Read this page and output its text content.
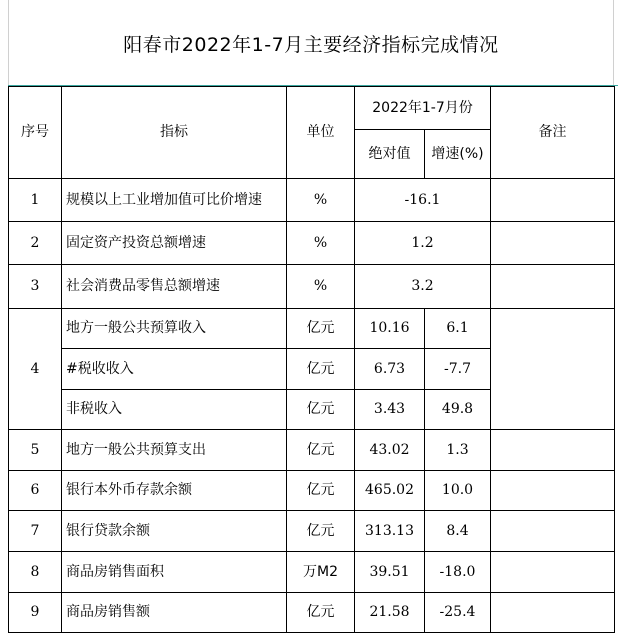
阳春市2022年1-7月主要经济指标完成情况
序号	指标	单位	2022年1-7月份		备注
			绝对值	增速(%)	
1	规模以上工业增加值可比价增速	%	-16.1		
2	固定资产投资总额增速	%	1.2		
3	社会消费品零售总额增速	%	3.2		
4	地方一般公共预算收入	亿元	10.16	6.1	
	#税收收入	亿元	6.73	-7.7	
	非税收入	亿元	3.43	49.8	
5	地方一般公共预算支出	亿元	43.02	1.3	
6	银行本外币存款余额	亿元	465.02	10.0	
7	银行贷款余额	亿元	313.13	8.4	
8	商品房销售面积	万M2	39.51	-18.0	
9	商品房销售额	亿元	21.58	-25.4	
